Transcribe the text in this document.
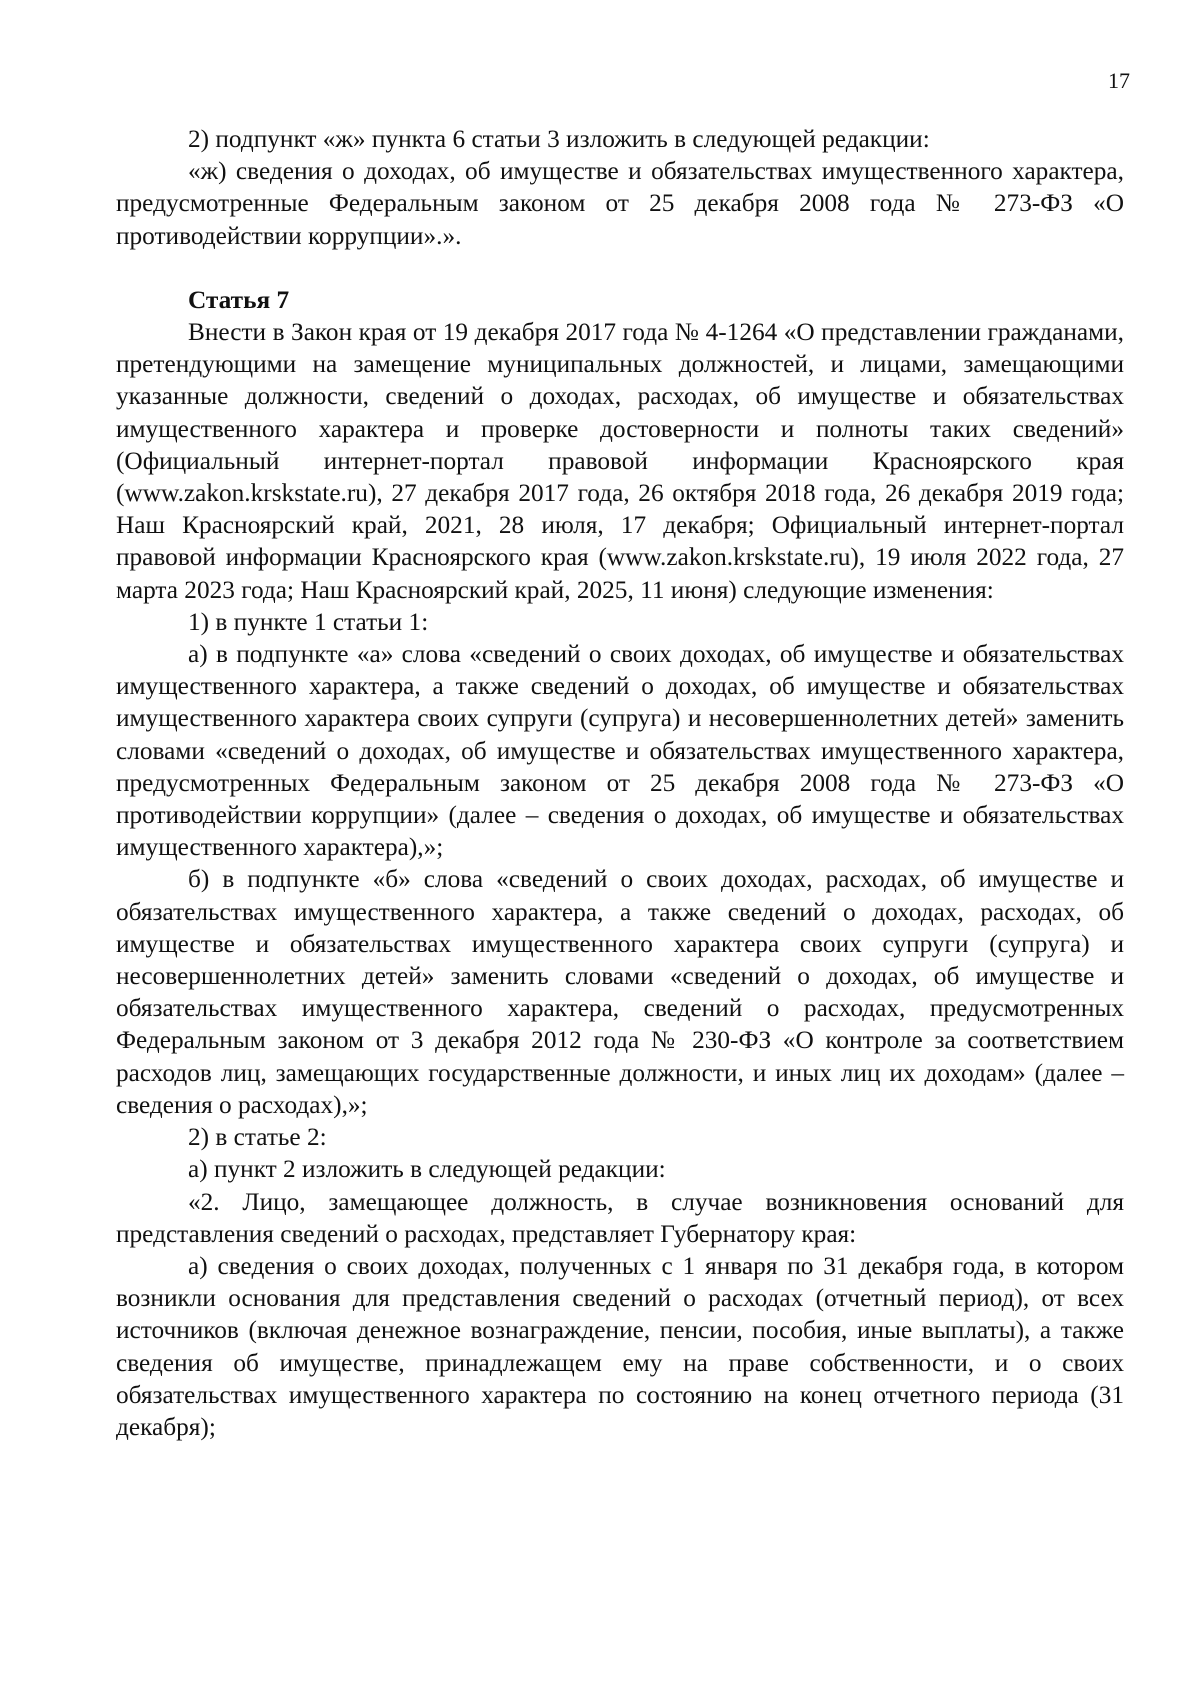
17

2) подпункт «ж» пункта 6 статьи 3 изложить в следующей редакции:

«ж) сведения о доходах, об имуществе и обязательствах имущественного характера, предусмотренные Федеральным законом от 25 декабря 2008 года № 273-ФЗ «О противодействии коррупции».».

Статья 7

Внести в Закон края от 19 декабря 2017 года № 4-1264 «О представлении гражданами, претендующими на замещение муниципальных должностей, и лицами, замещающими указанные должности, сведений о доходах, расходах, об имуществе и обязательствах имущественного характера и проверке достоверности и полноты таких сведений» (Официальный интернет-портал правовой информации Красноярского края (www.zakon.krskstate.ru), 27 декабря 2017 года, 26 октября 2018 года, 26 декабря 2019 года; Наш Красноярский край, 2021, 28 июля, 17 декабря; Официальный интернет-портал правовой информации Красноярского края (www.zakon.krskstate.ru), 19 июля 2022 года, 27 марта 2023 года; Наш Красноярский край, 2025, 11 июня) следующие изменения:

1) в пункте 1 статьи 1:

а) в подпункте «а» слова «сведений о своих доходах, об имуществе и обязательствах имущественного характера, а также сведений о доходах, об имуществе и обязательствах имущественного характера своих супруги (супруга) и несовершеннолетних детей» заменить словами «сведений о доходах, об имуществе и обязательствах имущественного характера, предусмотренных Федеральным законом от 25 декабря 2008 года № 273-ФЗ «О противодействии коррупции» (далее – сведения о доходах, об имуществе и обязательствах имущественного характера),»;

б) в подпункте «б» слова «сведений о своих доходах, расходах, об имуществе и обязательствах имущественного характера, а также сведений о доходах, расходах, об имуществе и обязательствах имущественного характера своих супруги (супруга) и несовершеннолетних детей» заменить словами «сведений о доходах, об имуществе и обязательствах имущественного характера, сведений о расходах, предусмотренных Федеральным законом от 3 декабря 2012 года № 230-ФЗ «О контроле за соответствием расходов лиц, замещающих государственные должности, и иных лиц их доходам» (далее – сведения о расходах),»;

2) в статье 2:

а) пункт 2 изложить в следующей редакции:

«2. Лицо, замещающее должность, в случае возникновения оснований для представления сведений о расходах, представляет Губернатору края:

а) сведения о своих доходах, полученных с 1 января по 31 декабря года, в котором возникли основания для представления сведений о расходах (отчетный период), от всех источников (включая денежное вознаграждение, пенсии, пособия, иные выплаты), а также сведения об имуществе, принадлежащем ему на праве собственности, и о своих обязательствах имущественного характера по состоянию на конец отчетного периода (31 декабря);
